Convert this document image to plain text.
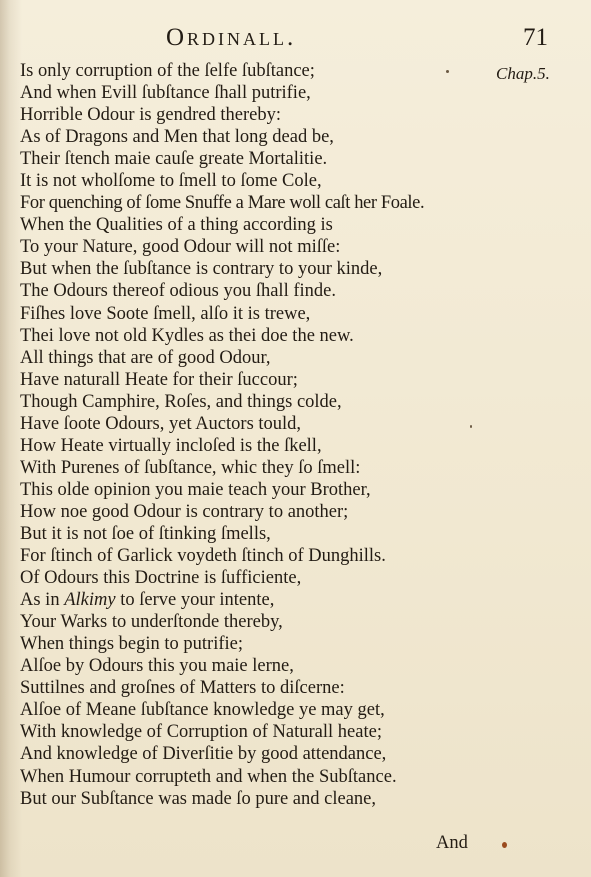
Ordinall.	71
Chap.5.
Is only corruption of the ſelfe ſubſtance;
And when Evill ſubſtance ſhall putrifie,
Horrible Odour is gendred thereby:
As of Dragons and Men that long dead be,
Their ſtench maie cauſe greate Mortalitie.
It is not wholſome to ſmell to ſome Cole,
For quenching of ſome Snuffe a Mare woll caſt her Foale.
When the Qualities of a thing according is
To your Nature, good Odour will not miſſe:
But when the ſubſtance is contrary to your kinde,
The Odours thereof odious you ſhall finde.
Fiſhes love Soote ſmell, alſo it is trewe,
Thei love not old Kydles as thei doe the new.
All things that are of good Odour,
Have naturall Heate for their ſuccour;
Though Camphire, Roſes, and things colde,
Have ſoote Odours, yet Auctors tould,
How Heate virtually incloſed is the ſkell,
With Purenes of ſubſtance, whic they ſo ſmell:
This olde opinion you maie teach your Brother,
How noe good Odour is contrary to another;
But it is not ſoe of ſtinking ſmells,
For ſtinch of Garlick voydeth ſtinch of Dunghills.
Of Odours this Doctrine is ſufficiente,
As in Alkimy to ſerve your intente,
Your Warks to underſtonde thereby,
When things begin to putrifie;
Alſoe by Odours this you maie lerne,
Suttilnes and groſnes of Matters to diſcerne:
Alſoe of Meane ſubſtance knowledge ye may get,
With knowledge of Corruption of Naturall heate;
And knowledge of Diverſitie by good attendance,
When Humour corrupteth and when the Subſtance.
But our Subſtance was made ſo pure and cleane,
And
